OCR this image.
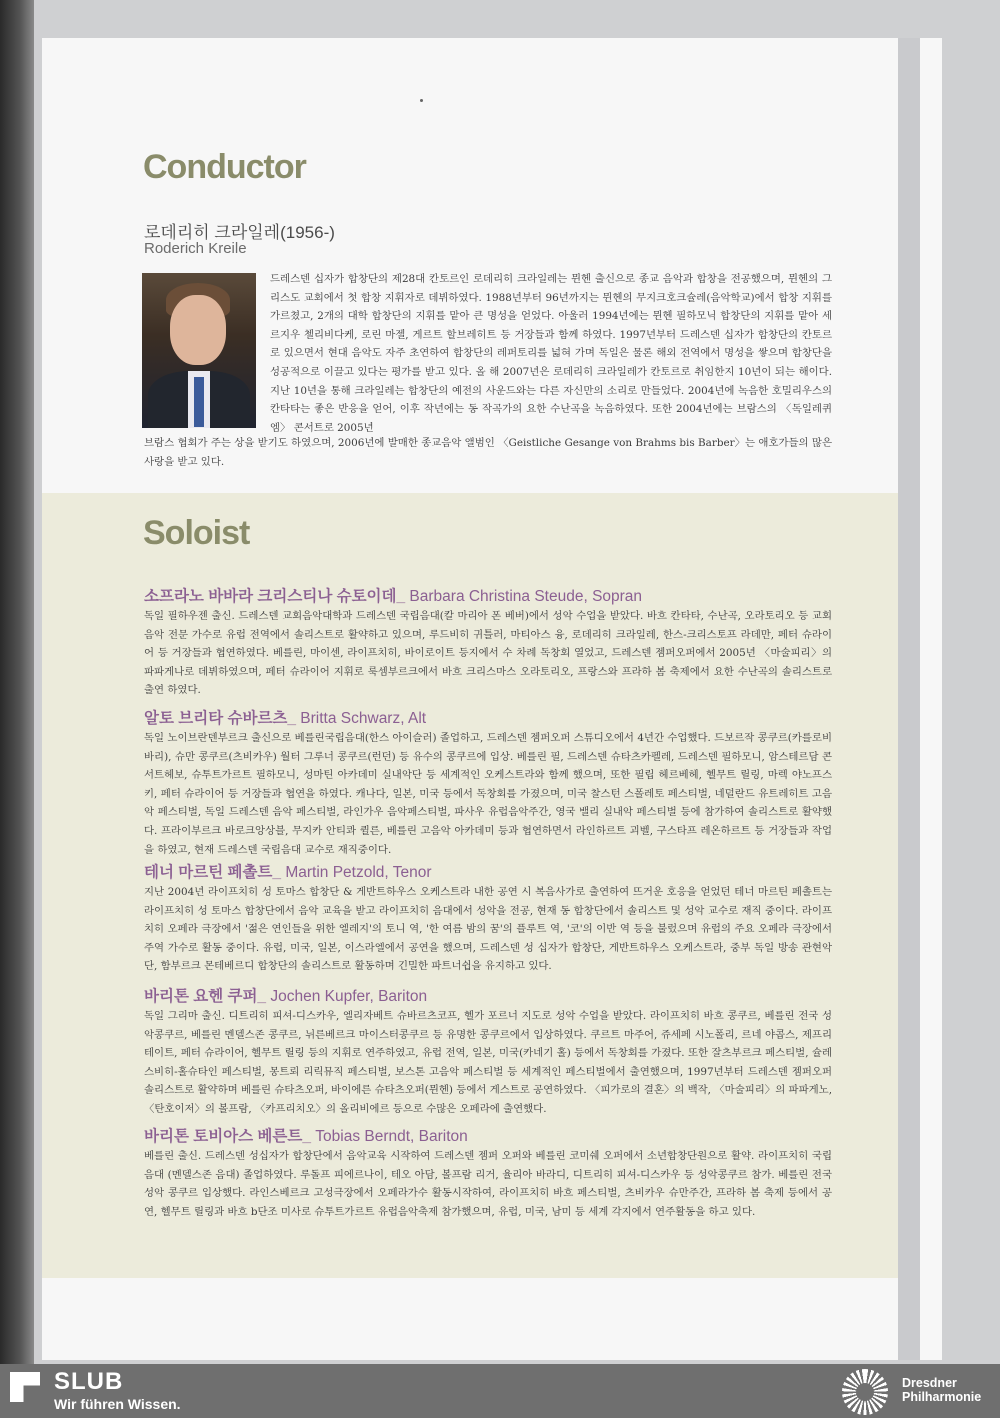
Conductor
로데리히 크라일레(1956-)
Roderich Kreile

드레스덴 십자가 합창단의 제28대 칸토르인 로데리히 크라일레는 뮌헨 출신으로 종교 음악과 합창을 전공했으며, 뮌헨의 그리스도 교회에서 첫 합창 지휘자로 데뷔하였다. 1988년부터 96년까지는 뮌헨의 무지크호크슐레(음악학교)에서 합창 지휘를 가르쳤고, 2개의 대학 합창단의 지휘를 맡아 큰 명성을 얻었다. 아울러 1994년에는 뮌헨 필하모닉 합창단의 지휘를 맡아 세르지우 첼리비다케, 로린 마젤, 게르트 할브레히트 등 거장들과 함께 하였다. 1997년부터 드레스덴 십자가 합창단의 칸토르로 있으면서 현대 음악도 자주 초연하여 합창단의 레퍼토리를 넓혀 가며 독일은 물론 해외 전역에서 명성을 쌓으며 합창단을 성공적으로 이끌고 있다는 평가를 받고 있다. 올 해 2007년은 로데리히 크라일레가 칸토르로 취임한지 10년이 되는 해이다. 지난 10년을 통해 크라일레는 합창단의 예전의 사운드와는 다른 자신만의 소리로 만들었다. 2004년에 녹음한 호밀리우스의 칸타타는 좋은 반응을 얻어, 이후 작년에는 동 작곡가의 요한 수난곡을 녹음하였다. 또한 2004년에는 브람스의 〈독일레퀴엠〉 콘서트로 2005년

브람스 협회가 주는 상을 받기도 하였으며, 2006년에 발매한 종교음악 앨범인 〈Geistliche Gesange von Brahms bis Barber〉는 애호가들의 많은 사랑을 받고 있다.

Soloist
소프라노 바바라 크리스티나 슈토이데_ Barbara Christina Steude, Sopran

독일 필하우젠 출신. 드레스덴 교회음악대학과 드레스덴 국립음대(칼 마리아 폰 베버)에서 성악 수업을 받았다. 바흐 칸타타, 수난곡, 오라토리오 등 교회음악 전문 가수로 유럽 전역에서 솔리스트로 활약하고 있으며, 루드비히 귀틀러, 마티아스 융, 로데리히 크라일레, 한스-크리스토프 라데만, 페터 슈라이어 등 거장들과 협연하였다. 베를린, 마이센, 라이프치히, 바이로이트 등지에서 수 차례 독창회 열었고, 드레스덴 젬퍼오퍼에서 2005년 〈마술피리〉의 파파게나로 데뷔하였으며, 페터 슈라이어 지휘로 룩셈부르크에서 바흐 크리스마스 오라토리오, 프랑스와 프라하 봄 축제에서 요한 수난곡의 솔리스트로 출연 하였다.

알토 브리타 슈바르츠_ Britta Schwarz, Alt

독일 노이브란덴부르크 출신으로 베를린국립음대(한스 아이슬러) 졸업하고, 드레스덴 젬퍼오퍼 스튜디오에서 4년간 수업했다. 드보르작 콩쿠르(카를로비바리), 슈만 콩쿠르(츠비카우) 월터 그루너 콩쿠르(런던) 등 유수의 콩쿠르에 입상. 베를린 필, 드레스덴 슈타츠카펠레, 드레스덴 필하모니, 암스테르담 콘서트헤보, 슈투트가르트 필하모니, 성마틴 아카데미 실내악단 등 세계적인 오케스트라와 함께 했으며, 또한 필립 헤르베헤, 헬무트 릴링, 마렉 야노프스키, 페터 슈라이어 등 거장들과 협연을 하였다. 캐나다, 일본, 미국 등에서 독창회를 가졌으며, 미국 찰스턴 스폴레토 페스티벌, 네덜란드 유트레히트 고음악 페스티벌, 독일 드레스덴 음악 페스티벌, 라인가우 음악페스티벌, 파사우 유럽음악주간, 영국 밸리 실내악 페스티벌 등에 참가하여 솔리스트로 활약했다. 프라이부르크 바로크앙상블, 무지카 안티콰 퀼른, 베를린 고음악 아카데미 등과 협연하면서 라인하르트 괴벨, 구스타프 레온하르트 등 거장들과 작업을 하였고, 현재 드레스덴 국립음대 교수로 재직중이다.

테너 마르틴 페촐트_ Martin Petzold, Tenor

지난 2004년 라이프치히 성 토마스 합창단 & 게반트하우스 오케스트라 내한 공연 시 복음사가로 출연하여 뜨거운 호응을 얻었던 테너 마르틴 페촐트는 라이프치히 성 토마스 합창단에서 음악 교육을 받고 라이프치히 음대에서 성악을 전공, 현재 동 합창단에서 솔리스트 및 성악 교수로 재직 중이다. 라이프치히 오페라 극장에서 '젊은 연인들을 위한 엘레지'의 토니 역, '한 여름 밤의 꿈'의 플루트 역, '코'의 이반 역 등을 불렀으며 유럽의 주요 오페라 극장에서 주역 가수로 활동 중이다. 유럽, 미국, 일본, 이스라엘에서 공연을 했으며, 드레스덴 성 십자가 합창단, 게반트하우스 오케스트라, 중부 독일 방송 관현악단, 함부르크 몬테베르디 합창단의 솔리스트로 활동하며 긴밀한 파트너쉽을 유지하고 있다.

바리톤 요헨 쿠퍼_ Jochen Kupfer, Bariton

독일 그리마 출신. 디트리히 피셔-디스카우, 엘리자베트 슈바르츠코프, 헬가 포르너 지도로 성악 수업을 받았다. 라이프치히 바흐 콩쿠르, 베를린 전국 성악콩쿠르, 베를린 멘델스존 콩쿠르, 뉘른베르크 마이스터콩쿠르 등 유명한 콩쿠르에서 입상하였다. 쿠르트 마주어, 쥬세페 시노폴리, 르네 야콥스, 제프리 테이트, 페터 슈라이어, 헬무트 릴링 등의 지휘로 연주하였고, 유럽 전역, 일본, 미국(카네기 홀) 등에서 독창회를 가졌다. 또한 잘츠부르크 페스티벌, 슐레스비히-홀슈타인 페스티벌, 몽트뢰 리릭뮤직 페스티벌, 보스톤 고음악 페스티벌 등 세계적인 페스티벌에서 출연했으며, 1997년부터 드레스덴 젬퍼오퍼 솔리스트로 활약하며 베를린 슈타츠오퍼, 바이에른 슈타츠오퍼(뮌헨) 등에서 게스트로 공연하였다. 〈피가로의 결혼〉의 백작, 〈마술피리〉의 파파게노, 〈탄호이저〉의 볼프람, 〈카프리치오〉의 올리비에르 등으로 수많은 오페라에 출연했다.

바리톤 토비아스 베른트_ Tobias Berndt, Bariton

베를린 출신. 드레스덴 성십자가 합창단에서 음악교육 시작하여 드레스덴 젬퍼 오퍼와 베를린 코미쉐 오퍼에서 소년합창단원으로 활약. 라이프치히 국립음대 (멘델스존 음대) 졸업하였다. 루돌프 피에르나이, 테오 아담, 볼프람 리거, 율리아 바라디, 디트리히 피셔-디스카우 등 성악콩쿠르 참가. 베를린 전국 성악 콩쿠르 입상했다. 라인스베르크 고성극장에서 오페라가수 활동시작하여, 라이프치히 바흐 페스티벌, 츠비카우 슈만주간, 프라하 봄 축제 등에서 공연, 헬무트 릴링과 바흐 b단조 미사로 슈투트가르트 유럽음악축제 참가했으며, 유럽, 미국, 남미 등 세계 각지에서 연주활동을 하고 있다.

SLUB
Wir führen Wissen.
Dresdner
Philharmonie
